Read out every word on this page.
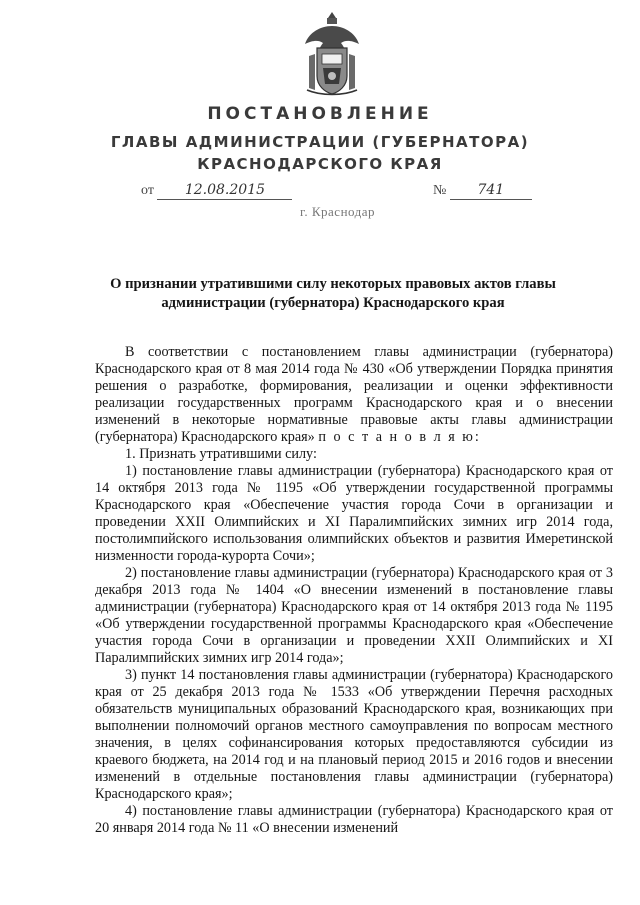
ПОСТАНОВЛЕНИЕ
ГЛАВЫ АДМИНИСТРАЦИИ (ГУБЕРНАТОРА)
КРАСНОДАРСКОГО КРАЯ
от 12.08.2015	№ 741
г. Краснодар
О признании утратившими силу некоторых правовых актов главы
администрации (губернатора) Краснодарского края

В соответствии с постановлением главы администрации (губернатора) Краснодарского края от 8 мая 2014 года № 430 «Об утверждении Порядка принятия решения о разработке, формирования, реализации и оценки эффективности реализации государственных программ Краснодарского края и о внесении изменений в некоторые нормативные правовые акты главы администрации (губернатора) Краснодарского края» п о с т а н о в л я ю:

1. Признать утратившими силу:

1) постановление главы администрации (губернатора) Краснодарского края от 14 октября 2013 года № 1195 «Об утверждении государственной программы Краснодарского края «Обеспечение участия города Сочи в организации и проведении XXII Олимпийских и XI Паралимпийских зимних игр 2014 года, постолимпийского использования олимпийских объектов и развития Имеретинской низменности города-курорта Сочи»;

2) постановление главы администрации (губернатора) Краснодарского края от 3 декабря 2013 года № 1404 «О внесении изменений в постановление главы администрации (губернатора) Краснодарского края от 14 октября 2013 года № 1195 «Об утверждении государственной программы Краснодарского края «Обеспечение участия города Сочи в организации и проведении XXII Олимпийских и XI Паралимпийских зимних игр 2014 года»;

3) пункт 14 постановления главы администрации (губернатора) Краснодарского края от 25 декабря 2013 года № 1533 «Об утверждении Перечня расходных обязательств муниципальных образований Краснодарского края, возникающих при выполнении полномочий органов местного самоуправления по вопросам местного значения, в целях софинансирования которых предоставляются субсидии из краевого бюджета, на 2014 год и на плановый период 2015 и 2016 годов и внесении изменений в отдельные постановления главы администрации (губернатора) Краснодарского края»;

4) постановление главы администрации (губернатора) Краснодарского края от 20 января 2014 года № 11 «О внесении изменений
